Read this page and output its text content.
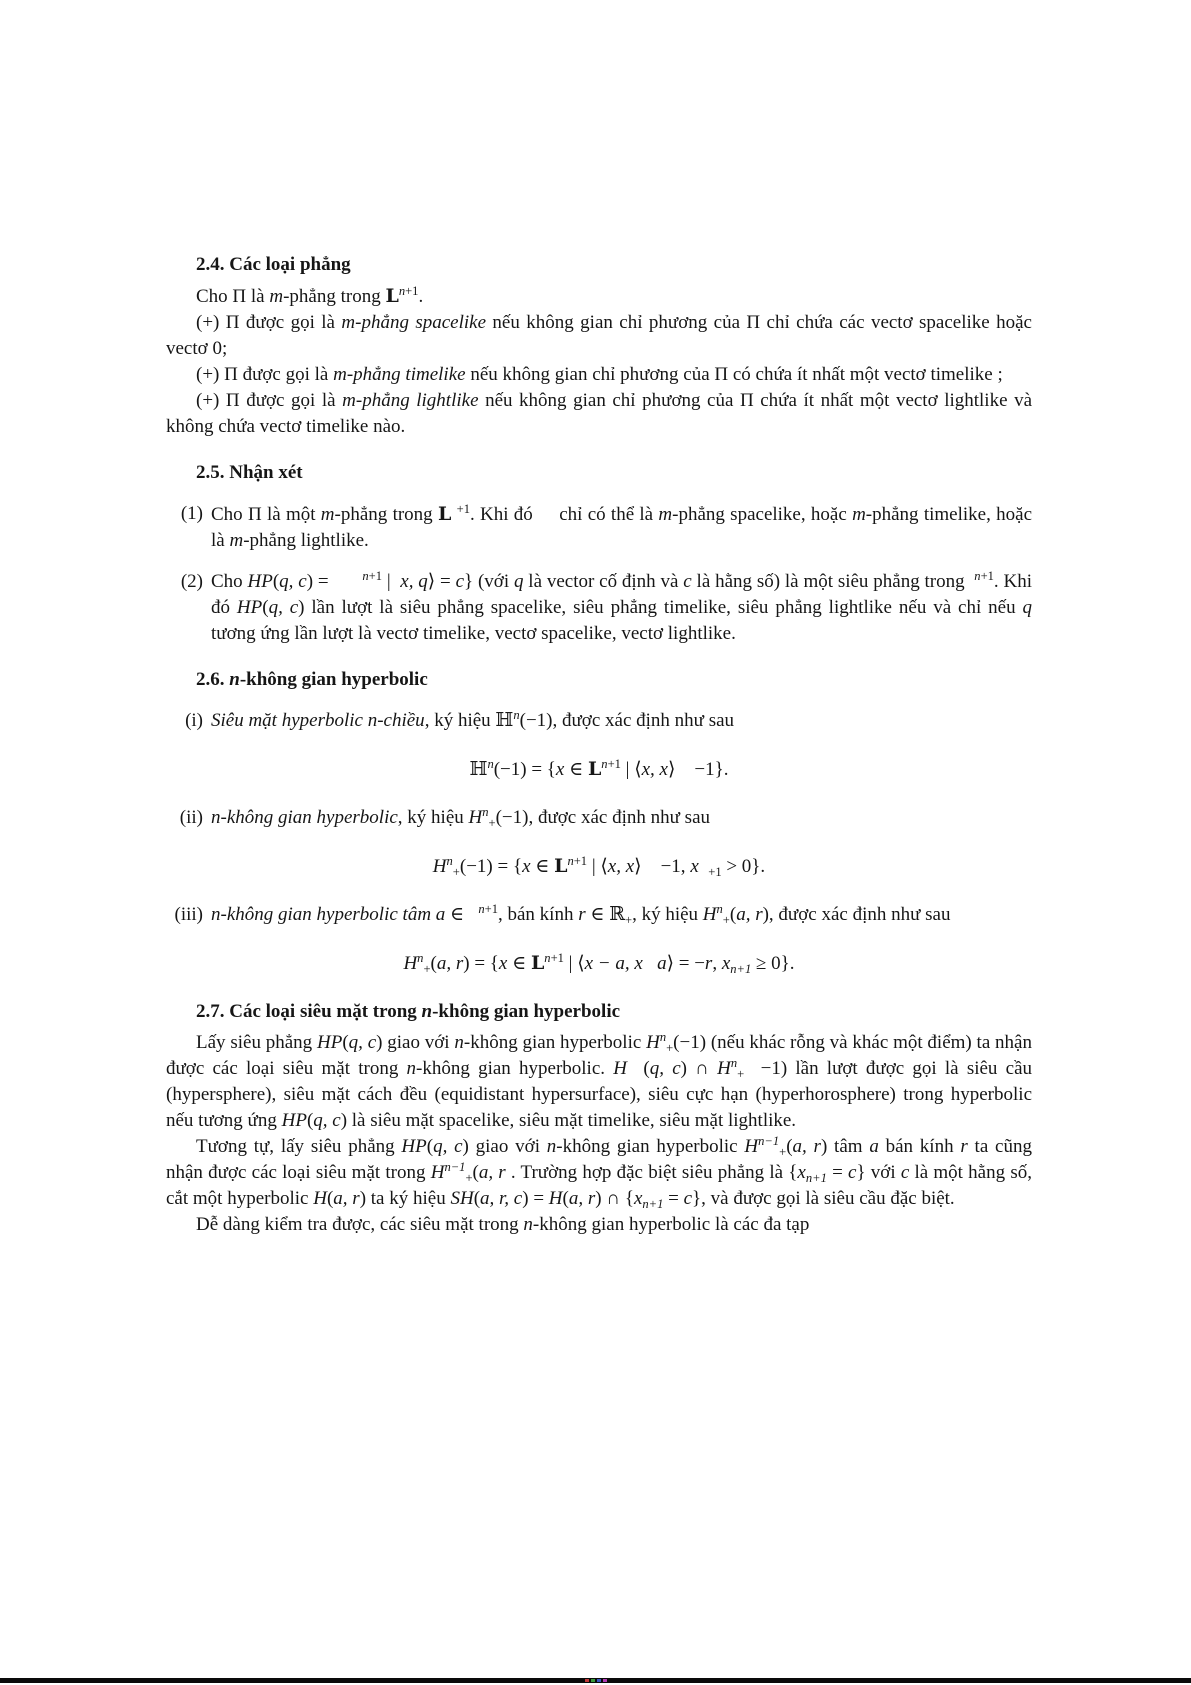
2.4. Các loại phẳng
Cho Π là m-phẳng trong $L^{n+1}$.
(+) Π được gọi là m-phẳng spacelike nếu không gian chỉ phương của Π chỉ chứa các vectơ spacelike hoặc vectơ 0;
(+) Π được gọi là m-phẳng timelike nếu không gian chỉ phương của Π có chứa ít nhất một vectơ timelike ;
(+) Π được gọi là m-phẳng lightlike nếu không gian chỉ phương của Π chứa ít nhất một vectơ lightlike và không chứa vectơ timelike nào.
2.5. Nhận xét
(1) Cho Π là một m-phẳng trong L $^{+1}$. Khi đó     chỉ có thể là m-phẳng spacelike, hoặc m-phẳng timelike, hoặc là m-phẳng lightlike.
(2) Cho HP(q, c) =       $^{n+1}$ |  x, q⟩ = c} (với q là vector cố định và c là hằng số) là một siêu phẳng trong  $^{n+1}$. Khi đó HP(q, c) lần lượt là siêu phẳng spacelike, siêu phẳng timelike, siêu phẳng lightlike nếu và chỉ nếu q tương ứng lần lượt là vectơ timelike, vectơ spacelike, vectơ lightlike.
2.6. n-không gian hyperbolic
(i) Siêu mặt hyperbolic n-chiều, ký hiệu ℍ$^n$(−1), được xác định như sau
ℍ$^n$(−1) = {x ∈ $L^{n+1}$ | ⟨x, x⟩    −1}.
(ii) n-không gian hyperbolic, ký hiệu $H^n+(-1)$, được xác định như sau
$H^n+(-1) = \{x$ ∈ $L^{n+1}$ | ⟨x, x⟩    −1, x +1 > 0}.
(iii) n-không gian hyperbolic tâm a ∈   $^{n+1}$, bán kính r ∈ ℝ+, ký hiệu $H^n+(a$, r), được xác định như sau
$H^n+(a$, r) = {x ∈ $L^{n+1}$ | ⟨x − a, x a⟩ = −r, xn+1 ≥ 0}.
2.7. Các loại siêu mặt trong n-không gian hyperbolic
Lấy siêu phẳng HP(q, c) giao với n-không gian hyperbolic $H^n+(-1)$ (nếu khác rỗng và khác một điểm) ta nhận được các loại siêu mặt trong n-không gian hyperbolic. H  (q, c) ∩ $H^n+ -1$) lần lượt được gọi là siêu cầu (hypersphere), siêu mặt cách đều (equidistant hypersurface), siêu cực hạn (hyperhorosphere) trong hyperbolic nếu tương ứng HP(q, c) là siêu mặt spacelike, siêu mặt timelike, siêu mặt lightlike.
Tương tự, lấy siêu phẳng HP(q, c) giao với n-không gian hyperbolic $H^{n-1}+(a$, r) tâm a bán kính r ta cũng nhận được các loại siêu mặt trong $H^{n-1}+(a$, r . Trường hợp đặc biệt siêu phẳng là {xn+1 = c} với c là một hằng số, cắt một hyperbolic H(a, r) ta ký hiệu SH(a, r, c) = H(a, r) ∩ {xn+1 = c}, và được gọi là siêu cầu đặc biệt.
Dễ dàng kiểm tra được, các siêu mặt trong n-không gian hyperbolic là các đa tạp
